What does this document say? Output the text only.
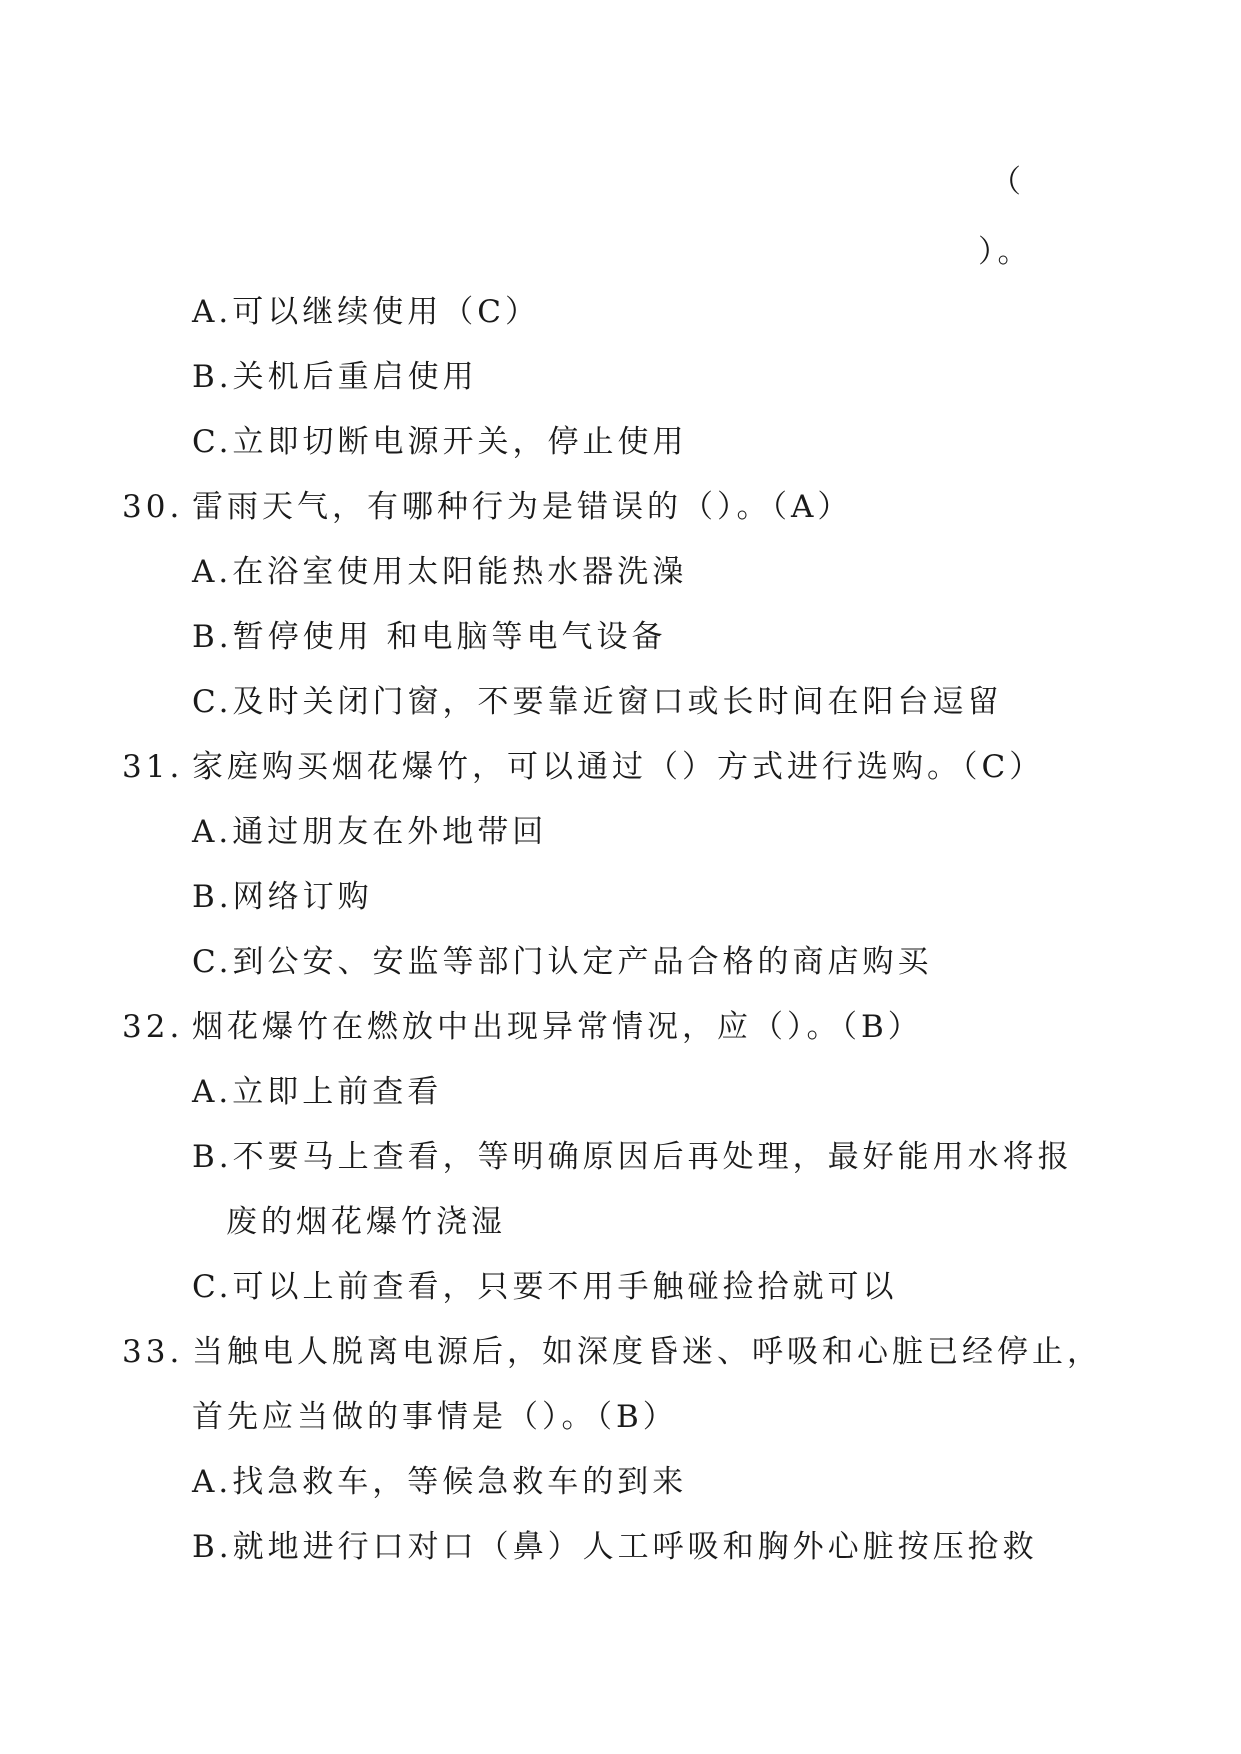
（
）。
A.可以继续使用（C）
B.关机后重启使用
C.立即切断电源开关，停止使用
30. 雷雨天气，有哪种行为是错误的（）。（A）
A.在浴室使用太阳能热水器洗澡
B.暂停使用 和电脑等电气设备
C.及时关闭门窗，不要靠近窗口或长时间在阳台逗留
31. 家庭购买烟花爆竹，可以通过（）方式进行选购。（C）
A.通过朋友在外地带回
B.网络订购
C.到公安、安监等部门认定产品合格的商店购买
32. 烟花爆竹在燃放中出现异常情况，应（）。（B）
A.立即上前查看
B.不要马上查看，等明确原因后再处理，最好能用水将报
废的烟花爆竹浇湿
C.可以上前查看，只要不用手触碰捡拾就可以
33. 当触电人脱离电源后，如深度昏迷、呼吸和心脏已经停止，
首先应当做的事情是（）。（B）
A.找急救车，等候急救车的到来
B.就地进行口对口（鼻）人工呼吸和胸外心脏按压抢救
